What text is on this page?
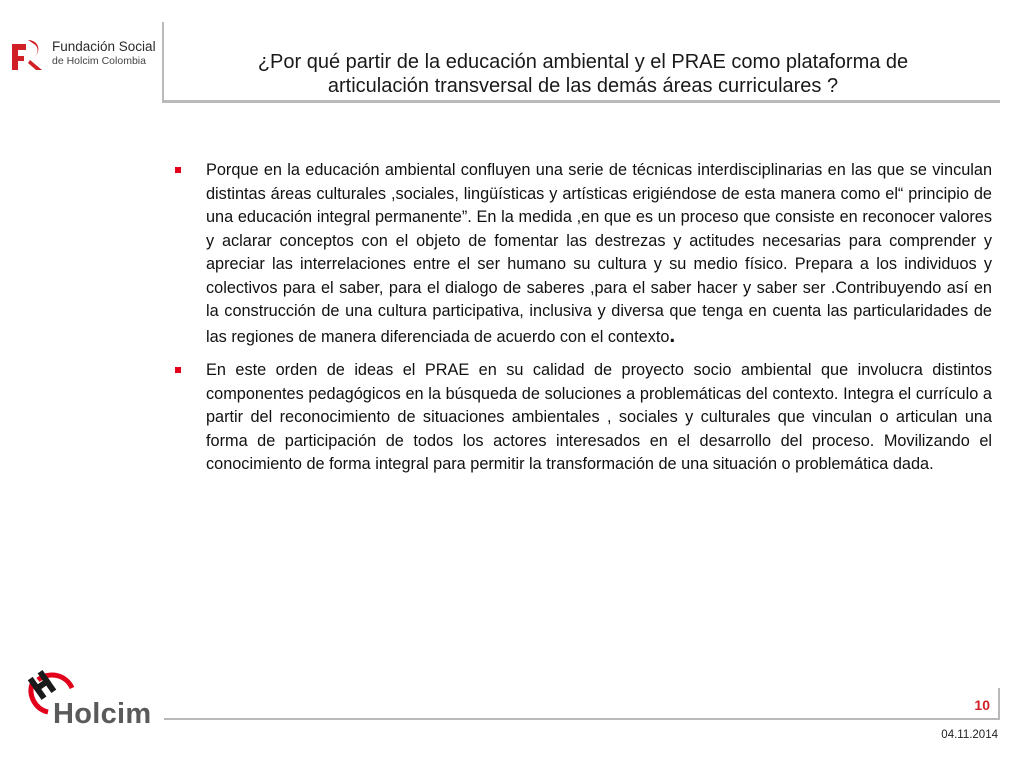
Fundación Social
de Holcim Colombia	¿Por qué partir de la educación ambiental y el PRAE como plataforma de
articulación transversal de las demás áreas curriculares ?
Porque en la educación ambiental confluyen una serie de técnicas interdisciplinarias en las que se vinculan distintas áreas culturales ,sociales, lingüísticas y artísticas erigiéndose de esta manera como el“ principio de una educación integral permanente”. En la medida ,en que es un proceso que consiste en reconocer valores y aclarar conceptos con el objeto de fomentar las destrezas y actitudes necesarias para comprender y apreciar las interrelaciones entre el ser humano su cultura y su medio físico. Prepara a los individuos y colectivos para el saber, para el dialogo de saberes ,para el saber hacer y saber ser .Contribuyendo así en la construcción de una cultura participativa, inclusiva y diversa que tenga en cuenta las particularidades de las regiones de manera diferenciada de acuerdo con el contexto.
En este orden de ideas el PRAE en su calidad de proyecto socio ambiental que involucra distintos componentes pedagógicos en la búsqueda de soluciones a problemáticas del contexto. Integra el currículo a partir del reconocimiento de situaciones ambientales , sociales y culturales que vinculan o articulan una forma de participación de todos los actores interesados en el desarrollo del proceso. Movilizando el conocimiento de forma integral para permitir la transformación de una situación o problemática dada.
Holcim	10
04.11.2014
